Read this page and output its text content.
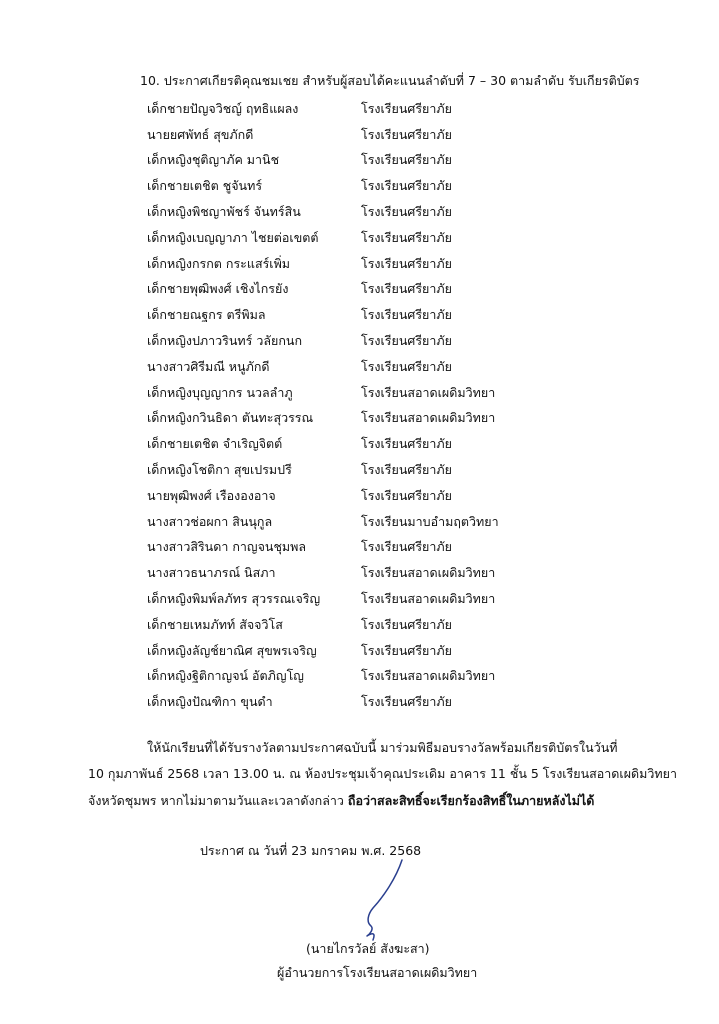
10. ประกาศเกียรติคุณชมเชย สำหรับผู้สอบได้คะแนนลำดับที่ 7 – 30 ตามลำดับ รับเกียรติบัตร
เด็กชายปัญจวิชญ์ ฤทธิแผลง	โรงเรียนศรียาภัย
นายยศพัทธ์ สุขภักดี	โรงเรียนศรียาภัย
เด็กหญิงชุติญาภัค มานิช	โรงเรียนศรียาภัย
เด็กชายเตชิต ชูจันทร์	โรงเรียนศรียาภัย
เด็กหญิงพิชญาพัชร์ จันทร์สิน	โรงเรียนศรียาภัย
เด็กหญิงเบญญาภา ไชยต่อเขตต์	โรงเรียนศรียาภัย
เด็กหญิงกรกต กระแสร์เพิ่ม	โรงเรียนศรียาภัย
เด็กชายพุฒิพงศ์ เชิงไกรยัง	โรงเรียนศรียาภัย
เด็กชายณฐกร ตรีพิมล	โรงเรียนศรียาภัย
เด็กหญิงปภาวรินทร์ วลัยกนก	โรงเรียนศรียาภัย
นางสาวศิรีมณี หนูภักดี	โรงเรียนศรียาภัย
เด็กหญิงบุญญากร นวลลำภู	โรงเรียนสอาดเผดิมวิทยา
เด็กหญิงกวินธิดา ตันทะสุวรรณ	โรงเรียนสอาดเผดิมวิทยา
เด็กชายเตชิต จำเริญจิตต์	โรงเรียนศรียาภัย
เด็กหญิงโชติกา สุขเปรมปรี	โรงเรียนศรียาภัย
นายพุฒิพงศ์ เรืององอาจ	โรงเรียนศรียาภัย
นางสาวช่อผกา สินนุกูล	โรงเรียนมาบอำมฤตวิทยา
นางสาวสิรินดา กาญจนชุมพล	โรงเรียนศรียาภัย
นางสาวธนาภรณ์ นิสภา	โรงเรียนสอาดเผดิมวิทยา
เด็กหญิงพิมพ์ลภัทร สุวรรณเจริญ	โรงเรียนสอาดเผดิมวิทยา
เด็กชายเหมภัทท์ สัจจวิโส	โรงเรียนศรียาภัย
เด็กหญิงลัญช์ยาณิศ สุขพรเจริญ	โรงเรียนศรียาภัย
เด็กหญิงฐิติกาญจน์ อัตภิญโญ	โรงเรียนสอาดเผดิมวิทยา
เด็กหญิงปัณฑิกา ขุนดำ	โรงเรียนศรียาภัย
ให้นักเรียนที่ได้รับรางวัลตามประกาศฉบับนี้ มาร่วมพิธีมอบรางวัลพร้อมเกียรติบัตรในวันที่
10 กุมภาพันธ์ 2568 เวลา 13.00 น. ณ ห้องประชุมเจ้าคุณประเดิม อาคาร 11 ชั้น 5 โรงเรียนสอาดเผดิมวิทยา
จังหวัดชุมพร หากไม่มาตามวันและเวลาดังกล่าว ถือว่าสละสิทธิ์จะเรียกร้องสิทธิ์ในภายหลังไม่ได้
ประกาศ ณ วันที่ 23 มกราคม พ.ศ. 2568
(นายไกรวัลย์ สังฆะสา)
ผู้อำนวยการโรงเรียนสอาดเผดิมวิทยา
